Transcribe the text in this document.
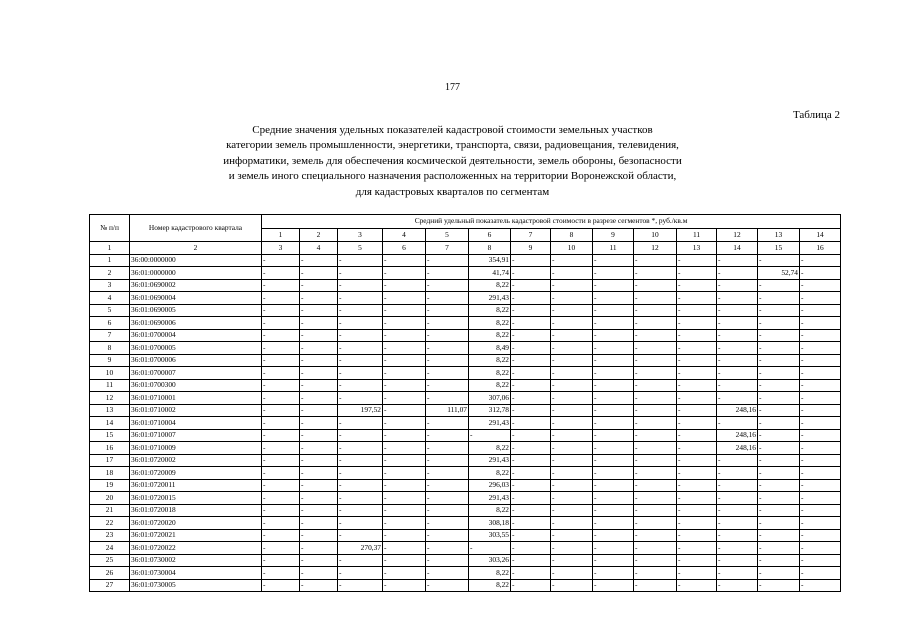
177
Таблица 2
Средние значения удельных показателей кадастровой стоимости земельных участков
категории земель промышленности, энергетики, транспорта, связи, радиовещания, телевидения,
информатики, земель для обеспечения космической деятельности, земель обороны, безопасности
и земель иного специального назначения расположенных на территории Воронежской области,
для кадастровых кварталов по сегментам
№ п/п	Номер кадастрового квартала	Средний удельный показатель кадастровой стоимости в разрезе сегментов *, руб./кв.м													
		1	2	3	4	5	6	7	8	9	10	11	12	13	14
1	2	3	4	5	6	7	8	9	10	11	12	13	14	15	16
1	36:00:0000000	-	-	-	-	-	354,91	-	-	-	-	-	-	-	-
2	36:01:0000000	-	-	-	-	-	41,74	-	-	-	-	-	-	52,74	-
3	36:01:0690002	-	-	-	-	-	8,22	-	-	-	-	-	-	-	-
4	36:01:0690004	-	-	-	-	-	291,43	-	-	-	-	-	-	-	-
5	36:01:0690005	-	-	-	-	-	8,22	-	-	-	-	-	-	-	-
6	36:01:0690006	-	-	-	-	-	8,22	-	-	-	-	-	-	-	-
7	36:01:0700004	-	-	-	-	-	8,22	-	-	-	-	-	-	-	-
8	36:01:0700005	-	-	-	-	-	8,49	-	-	-	-	-	-	-	-
9	36:01:0700006	-	-	-	-	-	8,22	-	-	-	-	-	-	-	-
10	36:01:0700007	-	-	-	-	-	8,22	-	-	-	-	-	-	-	-
11	36:01:0700300	-	-	-	-	-	8,22	-	-	-	-	-	-	-	-
12	36:01:0710001	-	-	-	-	-	307,06	-	-	-	-	-	-	-	-
13	36:01:0710002	-	-	197,52	-	111,07	312,78	-	-	-	-	-	248,16	-	-
14	36:01:0710004	-	-	-	-	-	291,43	-	-	-	-	-	-	-	-
15	36:01:0710007	-	-	-	-	-	-	-	-	-	-	-	248,16	-	-
16	36:01:0710009	-	-	-	-	-	8,22	-	-	-	-	-	248,16	-	-
17	36:01:0720002	-	-	-	-	-	291,43	-	-	-	-	-	-	-	-
18	36:01:0720009	-	-	-	-	-	8,22	-	-	-	-	-	-	-	-
19	36:01:0720011	-	-	-	-	-	296,03	-	-	-	-	-	-	-	-
20	36:01:0720015	-	-	-	-	-	291,43	-	-	-	-	-	-	-	-
21	36:01:0720018	-	-	-	-	-	8,22	-	-	-	-	-	-	-	-
22	36:01:0720020	-	-	-	-	-	308,18	-	-	-	-	-	-	-	-
23	36:01:0720021	-	-	-	-	-	303,55	-	-	-	-	-	-	-	-
24	36:01:0720022	-	-	270,37	-	-	-	-	-	-	-	-	-	-	-
25	36:01:0730002	-	-	-	-	-	303,26	-	-	-	-	-	-	-	-
26	36:01:0730004	-	-	-	-	-	8,22	-	-	-	-	-	-	-	-
27	36:01:0730005	-	-	-	-	-	8,22	-	-	-	-	-	-	-	-
